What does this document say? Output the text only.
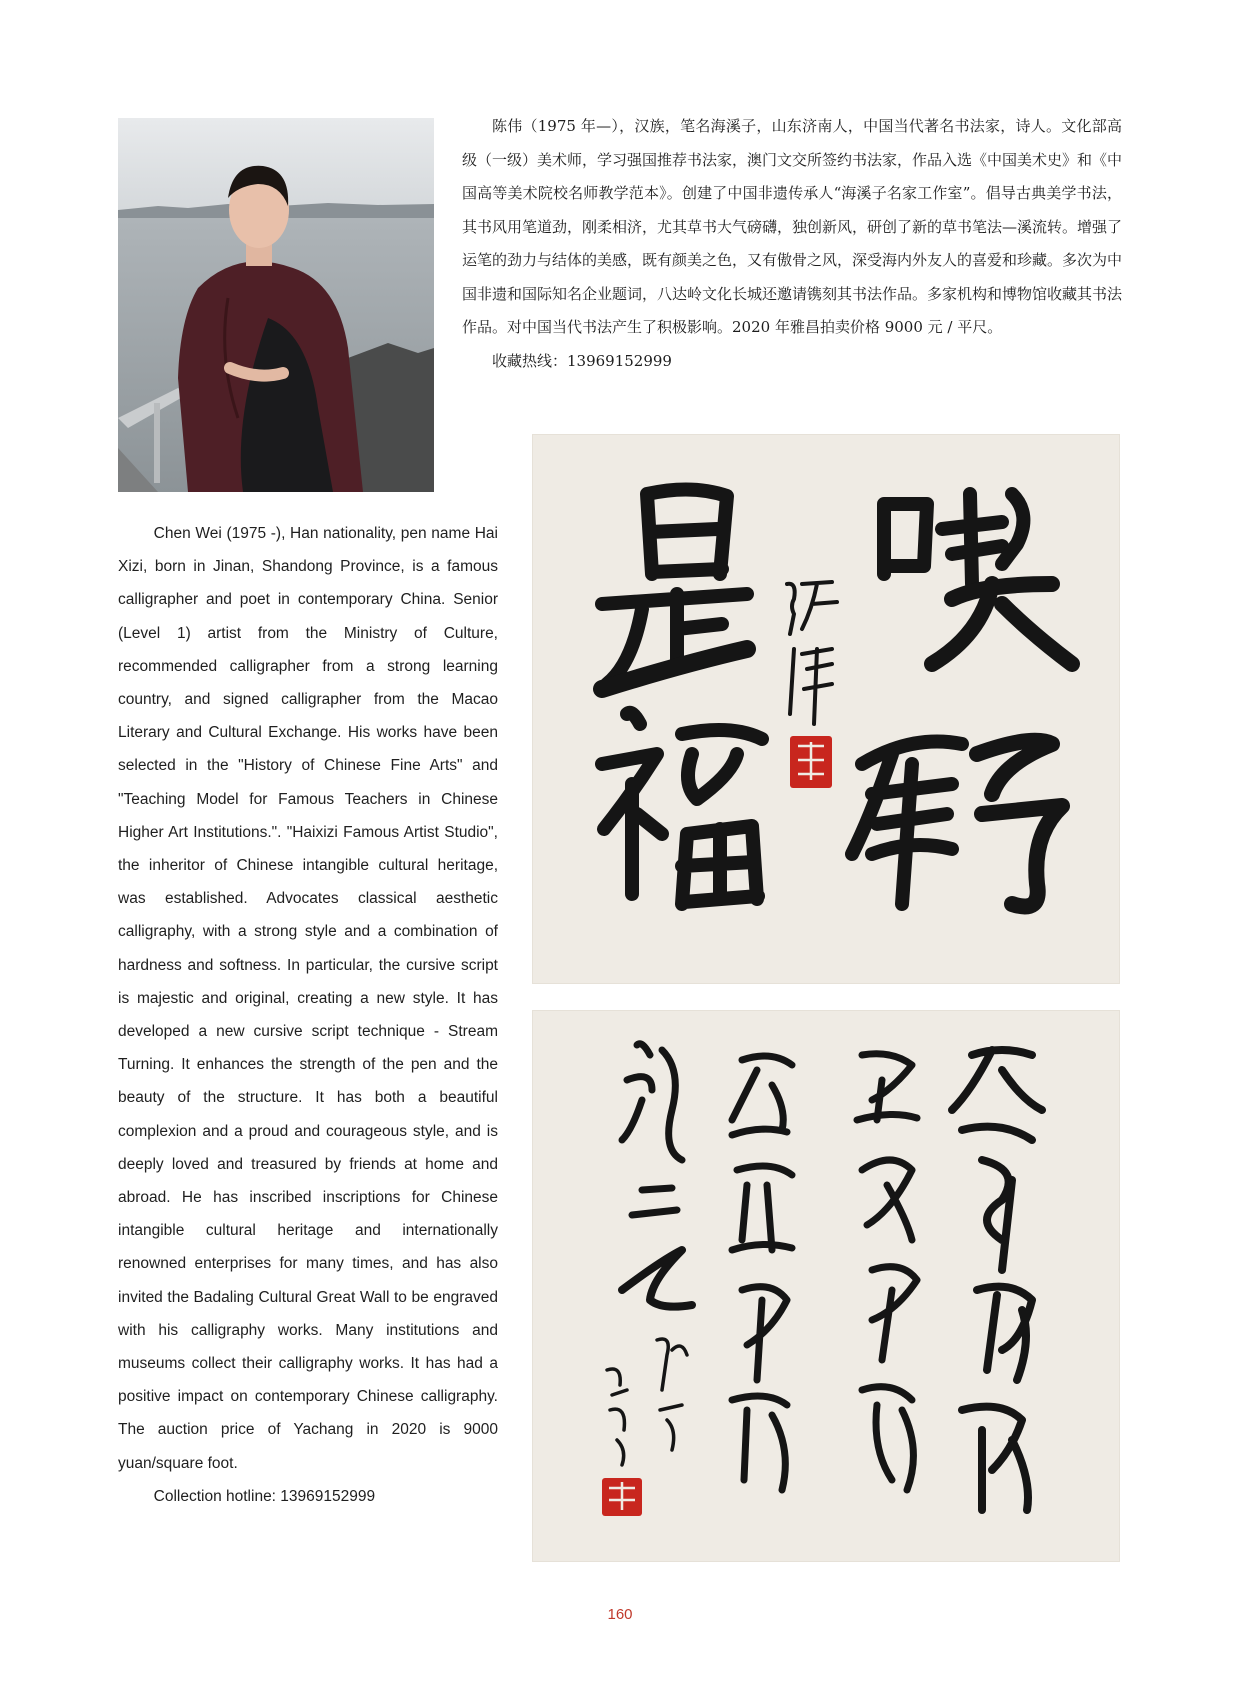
陈伟（1975 年—），汉族，笔名海溪子，山东济南人，中国当代著名书法家，诗人。文化部高级（一级）美术师，学习强国推荐书法家，澳门文交所签约书法家，作品入选《中国美术史》和《中国高等美术院校名师教学范本》。创建了中国非遗传承人“海溪子名家工作室”。倡导古典美学书法，其书风用笔道劲，刚柔相济，尤其草书大气磅礴，独创新风，研创了新的草书笔法—溪流转。增强了运笔的劲力与结体的美感，既有颜美之色，又有傲骨之风，深受海内外友人的喜爱和珍藏。多次为中国非遗和国际知名企业题词，八达岭文化长城还邀请镌刻其书法作品。多家机构和博物馆收藏其书法作品。对中国当代书法产生了积极影响。2020 年雅昌拍卖价格 9000 元 / 平尺。

收藏热线：13969152999

Chen Wei (1975 -), Han nationality, pen name Hai Xizi, born in Jinan, Shandong Province, is a famous calligrapher and poet in contemporary China. Senior (Level 1) artist from the Ministry of Culture, recommended calligrapher from a strong learning country, and signed calligrapher from the Macao Literary and Cultural Exchange. His works have been selected in the "History of Chinese Fine Arts" and "Teaching Model for Famous Teachers in Chinese Higher Art Institutions.". "Haixizi Famous Artist Studio", the inheritor of Chinese intangible cultural heritage, was established. Advocates classical aesthetic calligraphy, with a strong style and a combination of hardness and softness. In particular, the cursive script is majestic and original, creating a new style. It has developed a new cursive script technique - Stream Turning. It enhances the strength of the pen and the beauty of the structure. It has both a beautiful complexion and a proud and courageous style, and is deeply loved and treasured by friends at home and abroad. He has inscribed inscriptions for Chinese intangible cultural heritage and internationally renowned enterprises for many times, and has also invited the Badaling Cultural Great Wall to be engraved with his calligraphy works. Many institutions and museums collect their calligraphy works. It has had a positive impact on contemporary Chinese calligraphy. The auction price of Yachang in 2020 is 9000 yuan/square foot.

Collection hotline: 13969152999

160
